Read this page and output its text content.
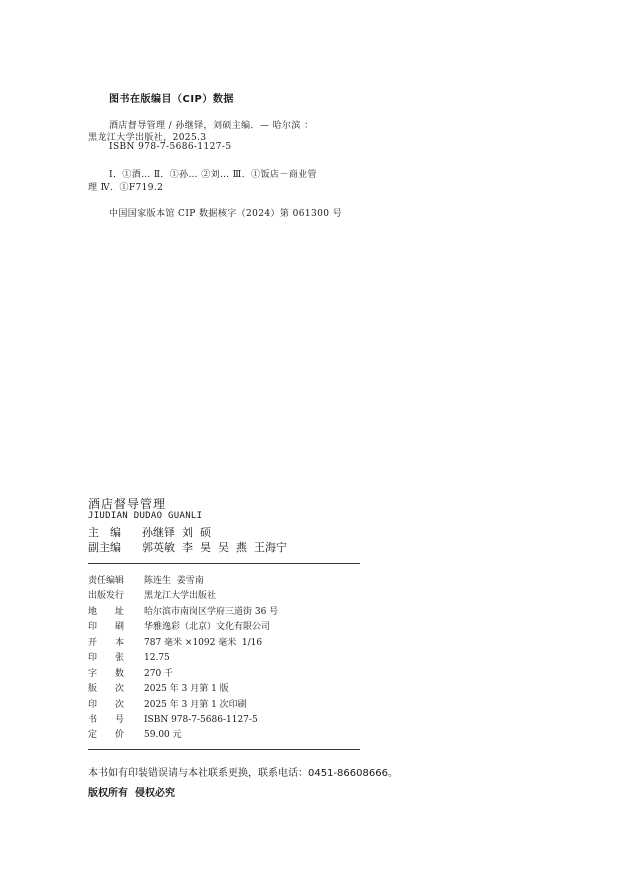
图书在版编目（CIP）数据
酒店督导管理 / 孙继铎，刘硕主编．— 哈尔滨 ：
黑龙江大学出版社，2025.3
ISBN 978-7-5686-1127-5
Ⅰ．①酒… Ⅱ．①孙… ②刘… Ⅲ．①饭店－商业管
理 Ⅳ．①F719.2
中国国家版本馆 CIP 数据核字（2024）第 061300 号
酒店督导管理
JIUDIAN DUDAO GUANLI
主　编 孙继铎  刘  硕
副主编 郭英敏  李  昊  吴  燕  王海宁
责任编辑 陈连生  姜雪南
出版发行 黑龙江大学出版社
地　　址 哈尔滨市南岗区学府三道街 36 号
印　　刷 华雅逸彩（北京）文化有限公司
开　　本 787 毫米 ×1092 毫米  1/16
印　　张 12.75
字　　数 270 千
版　　次 2025 年 3 月第 1 版
印　　次 2025 年 3 月第 1 次印刷
书　　号 ISBN 978-7-5686-1127-5
定　　价 59.00 元
本书如有印装错误请与本社联系更换，联系电话：0451-86608666。
版权所有  侵权必究
